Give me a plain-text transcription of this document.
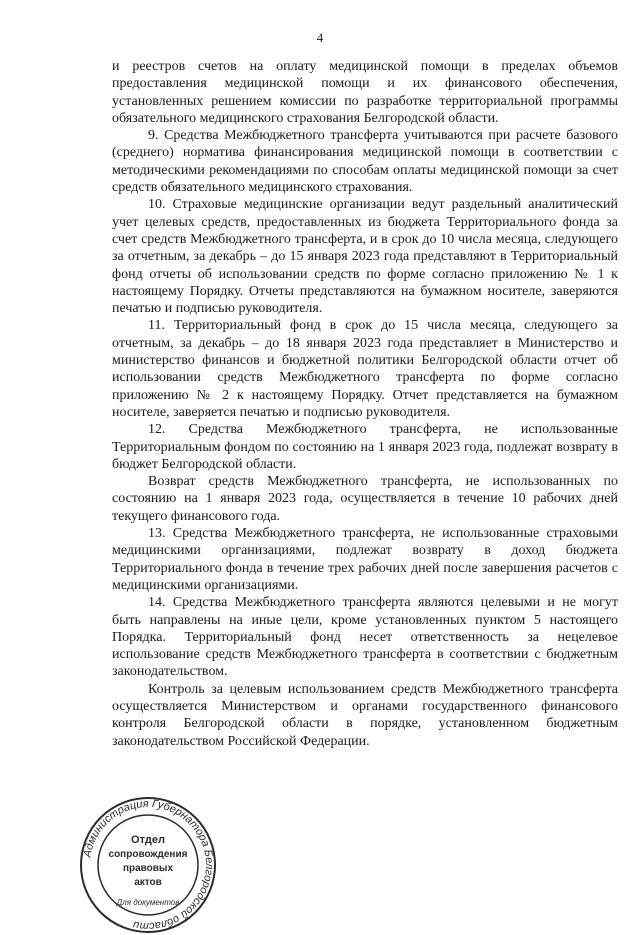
4

и реестров счетов на оплату медицинской помощи в пределах объемов предоставления медицинской помощи и их финансового обеспечения, установленных решением комиссии по разработке территориальной программы обязательного медицинского страхования Белгородской области.

9. Средства Межбюджетного трансферта учитываются при расчете базового (среднего) норматива финансирования медицинской помощи в соответствии с методическими рекомендациями по способам оплаты медицинской помощи за счет средств обязательного медицинского страхования.

10. Страховые медицинские организации ведут раздельный аналитический учет целевых средств, предоставленных из бюджета Территориального фонда за счет средств Межбюджетного трансферта, и в срок до 10 числа месяца, следующего за отчетным, за декабрь – до 15 января 2023 года представляют в Территориальный фонд отчеты об использовании средств по форме согласно приложению № 1 к настоящему Порядку. Отчеты представляются на бумажном носителе, заверяются печатью и подписью руководителя.

11. Территориальный фонд в срок до 15 числа месяца, следующего за отчетным, за декабрь – до 18 января 2023 года представляет в Министерство и министерство финансов и бюджетной политики Белгородской области отчет об использовании средств Межбюджетного трансферта по форме согласно приложению № 2 к настоящему Порядку. Отчет представляется на бумажном носителе, заверяется печатью и подписью руководителя.

12. Средства Межбюджетного трансферта, не использованные Территориальным фондом по состоянию на 1 января 2023 года, подлежат возврату в бюджет Белгородской области.

Возврат средств Межбюджетного трансферта, не использованных по состоянию на 1 января 2023 года, осуществляется в течение 10 рабочих дней текущего финансового года.

13. Средства Межбюджетного трансферта, не использованные страховыми медицинскими организациями, подлежат возврату в доход бюджета Территориального фонда в течение трех рабочих дней после завершения расчетов с медицинскими организациями.

14. Средства Межбюджетного трансферта являются целевыми и не могут быть направлены на иные цели, кроме установленных пунктом 5 настоящего Порядка. Территориальный фонд несет ответственность за нецелевое использование средств Межбюджетного трансферта в соответствии с бюджетным законодательством.

Контроль за целевым использованием средств Межбюджетного трансферта осуществляется Министерством и органами государственного финансового контроля Белгородской области в порядке, установленном бюджетным законодательством Российской Федерации.

Администрация Губернатора Белгородской области
Отдел
сопровождения
правовых
актов
Для документов
